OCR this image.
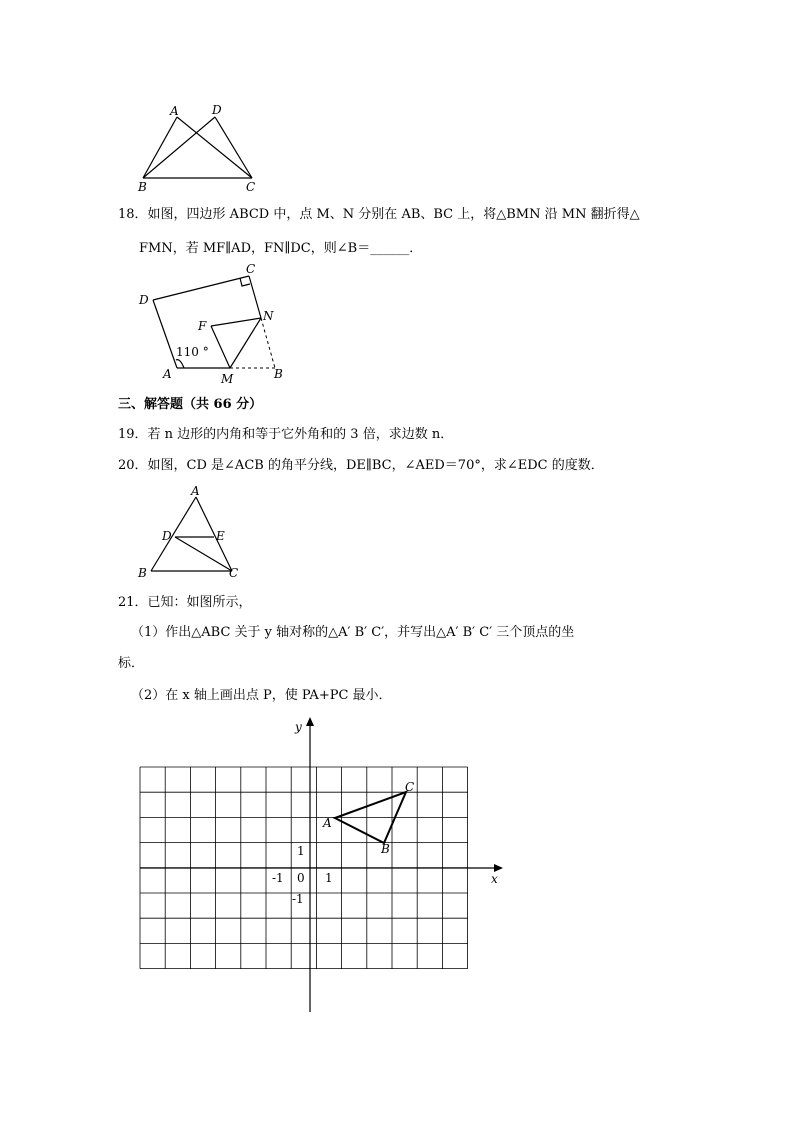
A	D
B	C
18．如图，四边形 ABCD 中，点 M、N 分别在 AB、BC 上，将△BMN 沿 MN 翻折得△
FMN，若 MF∥AD，FN∥DC，则∠B＝______．
D
C
F
N
A	M	B
110 °
三、解答题（共 66 分）
19．若 n 边形的内角和等于它外角和的 3 倍，求边数 n．
20．如图，CD 是∠ACB 的角平分线，DE∥BC，∠AED＝70°，求∠EDC 的度数．
A
D	E
B	C
21．已知：如图所示，
（1）作出△ABC 关于 y 轴对称的△A′ B′ C′，并写出△A′ B′ C′ 三个顶点的坐
标．
（2）在 x 轴上画出点 P，使 PA+PC 最小．
x
y
0 1
-1
1
-1
A
B
C
